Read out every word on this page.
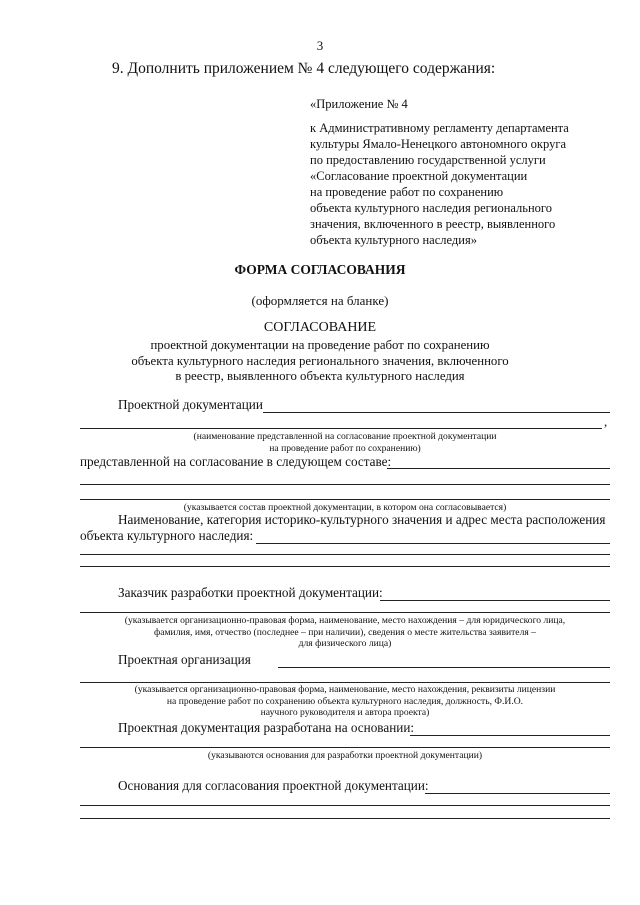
3
9. Дополнить приложением № 4 следующего содержания:
«Приложение № 4
к Административному регламенту департамента
культуры Ямало-Ненецкого автономного округа
по предоставлению государственной услуги
«Согласование проектной документации
на проведение работ по сохранению
объекта культурного наследия регионального
значения, включенного в реестр, выявленного
объекта культурного наследия»
ФОРМА СОГЛАСОВАНИЯ
(оформляется на бланке)
СОГЛАСОВАНИЕ
проектной документации на проведение работ по сохранению
объекта культурного наследия регионального значения, включенного
в реестр, выявленного объекта культурного наследия
Проектной документации
,
(наименование представленной на согласование проектной документации
на проведение работ по сохранению)
представленной на согласование в следующем составе:
(указывается состав проектной документации, в котором она согласовывается)
Наименование, категория историко-культурного значения и адрес места расположения
объекта культурного наследия:
Заказчик разработки проектной документации:
(указывается организационно-правовая форма, наименование, место нахождения – для юридического лица,
фамилия, имя, отчество (последнее – при наличии), сведения о месте жительства заявителя –
для физического лица)
Проектная организация
(указывается организационно-правовая форма, наименование, место нахождения, реквизиты лицензии
на проведение работ по сохранению объекта культурного наследия, должность, Ф.И.О.
научного руководителя и автора проекта)
Проектная документация разработана на основании:
(указываются основания для разработки проектной документации)
Основания для согласования проектной документации:
